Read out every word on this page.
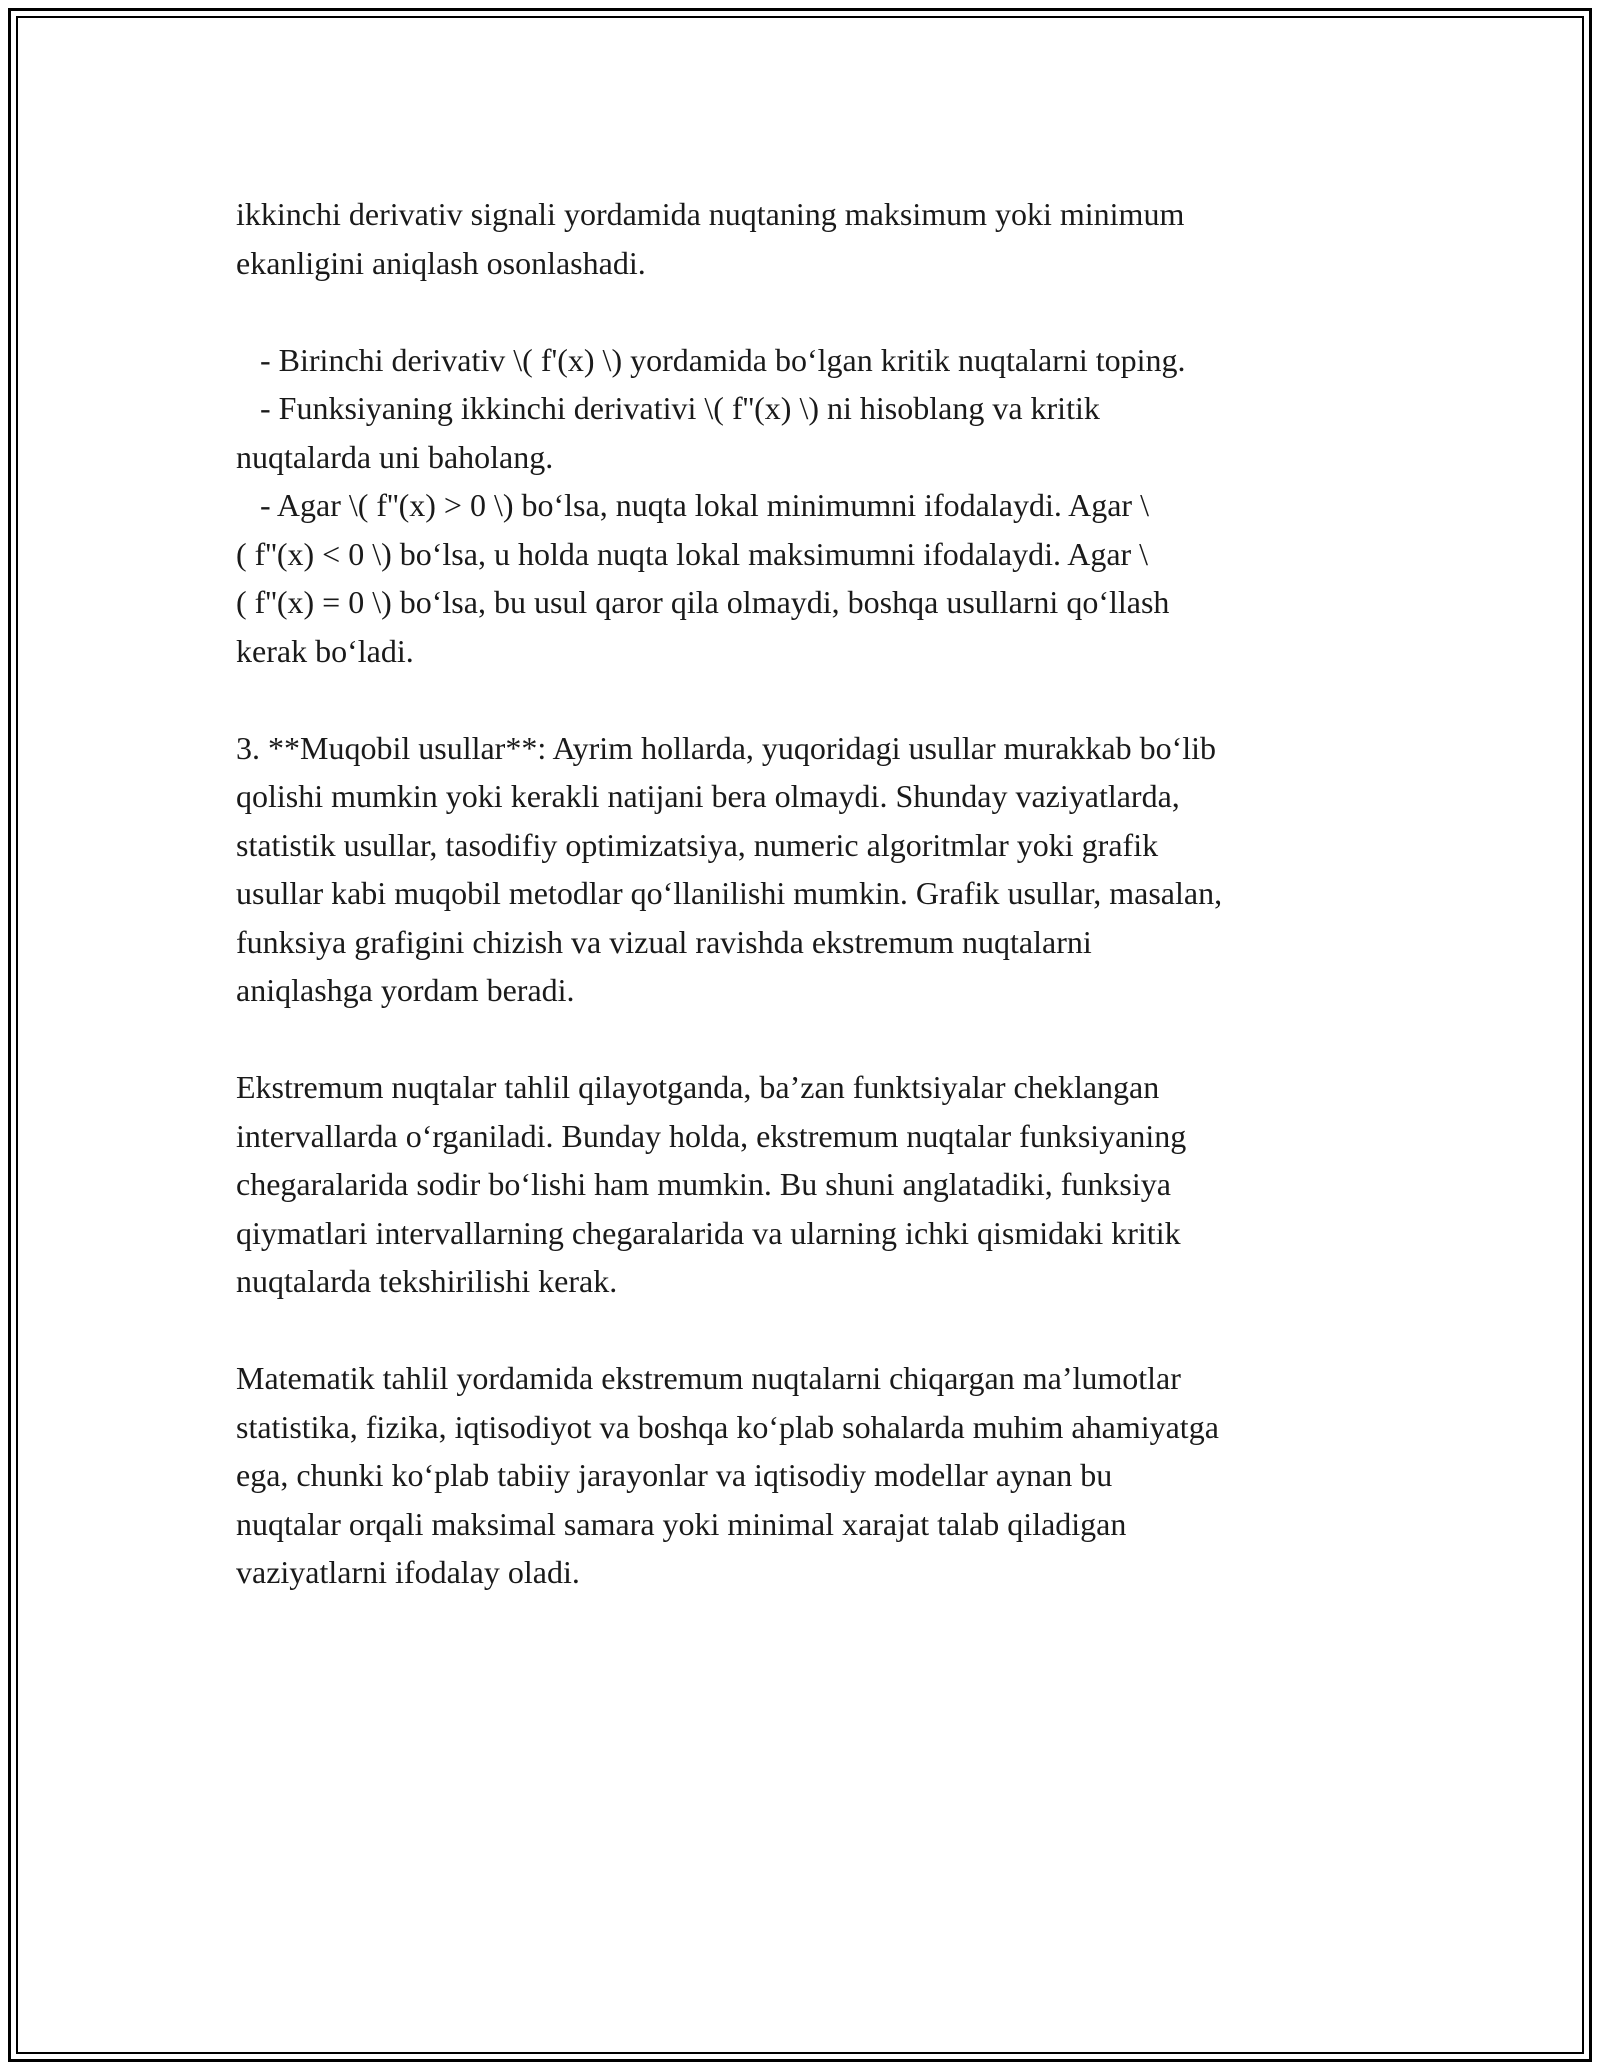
ikkinchi derivativ signali yordamida nuqtaning maksimum yoki minimum
ekanligini aniqlash osonlashadi.

- Birinchi derivativ \( f'(x) \) yordamida bo‘lgan kritik nuqtalarni toping.
- Funksiyaning ikkinchi derivativi \( f''(x) \) ni hisoblang va kritik
nuqtalarda uni baholang.
- Agar \( f''(x) > 0 \) bo‘lsa, nuqta lokal minimumni ifodalaydi. Agar \
( f''(x) < 0 \) bo‘lsa, u holda nuqta lokal maksimumni ifodalaydi. Agar \
( f''(x) = 0 \) bo‘lsa, bu usul qaror qila olmaydi, boshqa usullarni qo‘llash
kerak bo‘ladi.

3. **Muqobil usullar**: Ayrim hollarda, yuqoridagi usullar murakkab bo‘lib
qolishi mumkin yoki kerakli natijani bera olmaydi. Shunday vaziyatlarda,
statistik usullar, tasodifiy optimizatsiya, numeric algoritmlar yoki grafik
usullar kabi muqobil metodlar qo‘llanilishi mumkin. Grafik usullar, masalan,
funksiya grafigini chizish va vizual ravishda ekstremum nuqtalarni
aniqlashga yordam beradi.

Ekstremum nuqtalar tahlil qilayotganda, ba’zan funktsiyalar cheklangan
intervallarda o‘rganiladi. Bunday holda, ekstremum nuqtalar funksiyaning
chegaralarida sodir bo‘lishi ham mumkin. Bu shuni anglatadiki, funksiya
qiymatlari intervallarning chegaralarida va ularning ichki qismidaki kritik
nuqtalarda tekshirilishi kerak.

Matematik tahlil yordamida ekstremum nuqtalarni chiqargan ma’lumotlar
statistika, fizika, iqtisodiyot va boshqa ko‘plab sohalarda muhim ahamiyatga
ega, chunki ko‘plab tabiiy jarayonlar va iqtisodiy modellar aynan bu
nuqtalar orqali maksimal samara yoki minimal xarajat talab qiladigan
vaziyatlarni ifodalay oladi.
